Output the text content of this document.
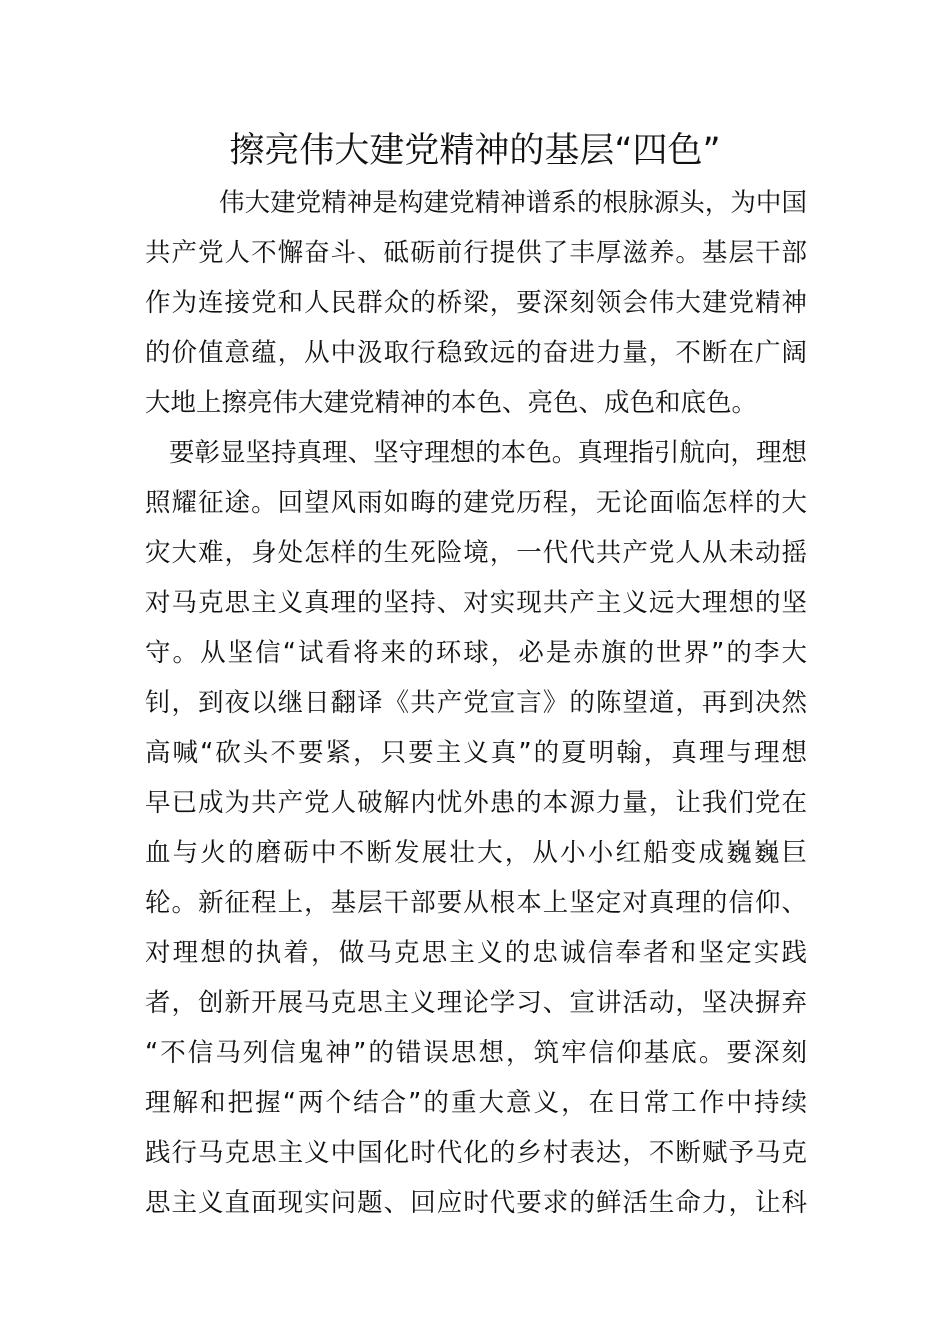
擦亮伟大建党精神的基层“四色”

伟大建党精神是构建党精神谱系的根脉源头，为中国

共产党人不懈奋斗、砥砺前行提供了丰厚滋养。基层干部

作为连接党和人民群众的桥梁，要深刻领会伟大建党精神

的价值意蕴，从中汲取行稳致远的奋进力量，不断在广阔

大地上擦亮伟大建党精神的本色、亮色、成色和底色。

要彰显坚持真理、坚守理想的本色。真理指引航向，理想

照耀征途。回望风雨如晦的建党历程，无论面临怎样的大

灾大难，身处怎样的生死险境，一代代共产党人从未动摇

对马克思主义真理的坚持、对实现共产主义远大理想的坚

守。从坚信“试看将来的环球，必是赤旗的世界”的李大

钊，到夜以继日翻译《共产党宣言》的陈望道，再到决然

高喊“砍头不要紧，只要主义真”的夏明翰，真理与理想

早已成为共产党人破解内忧外患的本源力量，让我们党在

血与火的磨砺中不断发展壮大，从小小红船变成巍巍巨

轮。新征程上，基层干部要从根本上坚定对真理的信仰、

对理想的执着，做马克思主义的忠诚信奉者和坚定实践

者，创新开展马克思主义理论学习、宣讲活动，坚决摒弃

“不信马列信鬼神”的错误思想，筑牢信仰基底。要深刻

理解和把握“两个结合”的重大意义，在日常工作中持续

践行马克思主义中国化时代化的乡村表达，不断赋予马克

思主义直面现实问题、回应时代要求的鲜活生命力，让科
